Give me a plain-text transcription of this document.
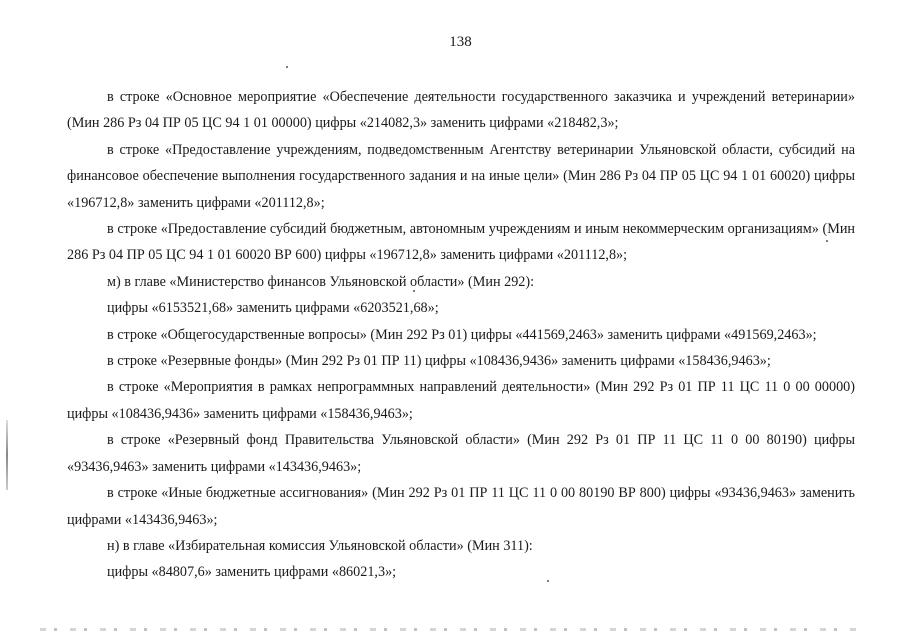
138

в строке «Основное мероприятие «Обеспечение деятельности государственного заказчика и учреждений ветеринарии» (Мин 286 Рз 04 ПР 05 ЦС 94 1 01 00000) цифры «214082,3» заменить цифрами «218482,3»;

в строке «Предоставление учреждениям, подведомственным Агентству ветеринарии Ульяновской области, субсидий на финансовое обеспечение выполнения государственного задания и на иные цели» (Мин 286 Рз 04 ПР 05 ЦС 94 1 01 60020) цифры «196712,8» заменить цифрами «201112,8»;

в строке «Предоставление субсидий бюджетным, автономным учреждениям и иным некоммерческим организациям» (Мин 286 Рз 04 ПР 05 ЦС 94 1 01 60020 ВР 600) цифры «196712,8» заменить цифрами «201112,8»;

м) в главе «Министерство финансов Ульяновской области» (Мин 292):

цифры «6153521,68» заменить цифрами «6203521,68»;

в строке «Общегосударственные вопросы» (Мин 292 Рз 01) цифры «441569,2463» заменить цифрами «491569,2463»;

в строке «Резервные фонды» (Мин 292 Рз 01 ПР 11) цифры «108436,9436» заменить цифрами «158436,9463»;

в строке «Мероприятия в рамках непрограммных направлений деятельности» (Мин 292 Рз 01 ПР 11 ЦС 11 0 00 00000) цифры «108436,9436» заменить цифрами «158436,9463»;

в строке «Резервный фонд Правительства Ульяновской области» (Мин 292 Рз 01 ПР 11 ЦС 11 0 00 80190) цифры «93436,9463» заменить цифрами «143436,9463»;

в строке «Иные бюджетные ассигнования» (Мин 292 Рз 01 ПР 11 ЦС 11 0 00 80190 ВР 800) цифры «93436,9463» заменить цифрами «143436,9463»;

н) в главе «Избирательная комиссия Ульяновской области» (Мин 311):

цифры «84807,6» заменить цифрами «86021,3»;
